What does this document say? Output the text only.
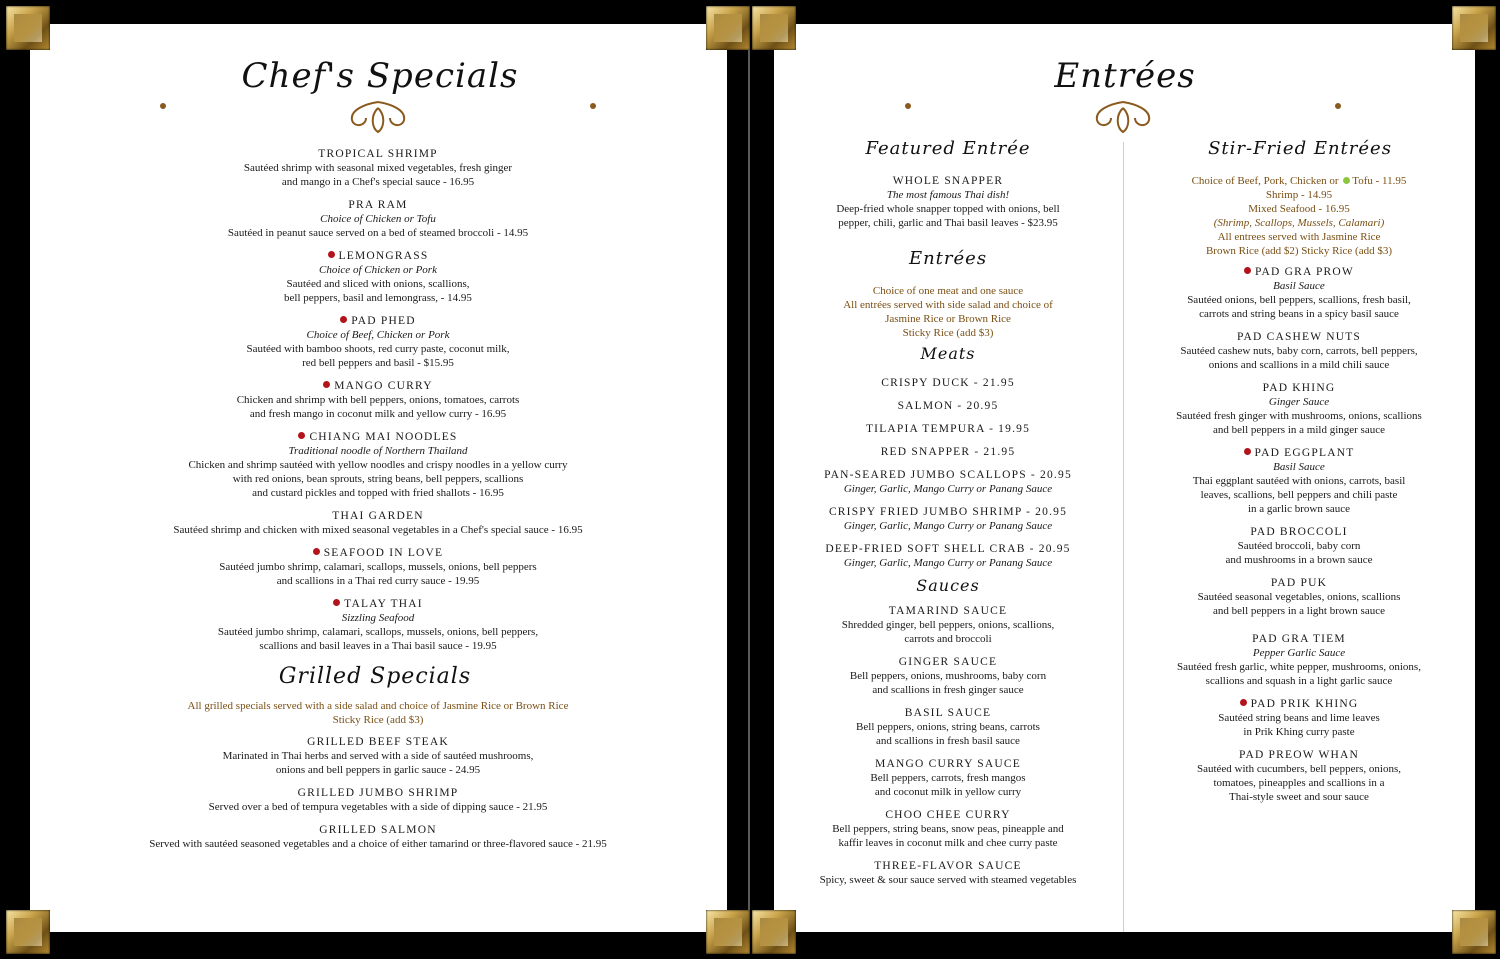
Chef's Specials
TROPICAL SHRIMP
Sautéed shrimp with seasonal mixed vegetables, fresh ginger
and mango in a Chef's special sauce - 16.95
PRA RAM
Choice of Chicken or Tofu
Sautéed in peanut sauce served on a bed of steamed broccoli - 14.95
LEMONGRASS
Choice of Chicken or Pork
Sautéed and sliced with onions, scallions,
bell peppers, basil and lemongrass, - 14.95
PAD PHED
Choice of Beef, Chicken or Pork
Sautéed with bamboo shoots, red curry paste, coconut milk,
red bell peppers and basil - $15.95
MANGO CURRY
Chicken and shrimp with bell peppers, onions, tomatoes, carrots
and fresh mango in coconut milk and yellow curry - 16.95
CHIANG MAI NOODLES
Traditional noodle of Northern Thailand
Chicken and shrimp sautéed with yellow noodles and crispy noodles in a yellow curry
with red onions, bean sprouts, string beans, bell peppers, scallions
and custard pickles and topped with fried shallots - 16.95
THAI GARDEN
Sautéed shrimp and chicken with mixed seasonal vegetables in a Chef's special sauce - 16.95
SEAFOOD IN LOVE
Sautéed jumbo shrimp, calamari, scallops, mussels, onions, bell peppers
and scallions in a Thai red curry sauce - 19.95
TALAY THAI
Sizzling Seafood
Sautéed jumbo shrimp, calamari, scallops, mussels, onions, bell peppers,
scallions and basil leaves in a Thai basil sauce - 19.95
Grilled Specials
All grilled specials served with a side salad and choice of Jasmine Rice or Brown Rice
Sticky Rice (add $3)
GRILLED BEEF STEAK
Marinated in Thai herbs and served with a side of sautéed mushrooms,
onions and bell peppers in garlic sauce - 24.95
GRILLED JUMBO SHRIMP
Served over a bed of tempura vegetables with a side of dipping sauce - 21.95
GRILLED SALMON
Served with sautéed seasoned vegetables and a choice of either tamarind or three-flavored sauce - 21.95
Entrées
Featured Entrée
WHOLE SNAPPER
The most famous Thai dish!
Deep-fried whole snapper topped with onions, bell
pepper, chili, garlic and Thai basil leaves - $23.95
Entrées
Choice of one meat and one sauce
All entrées served with side salad and choice of
Jasmine Rice or Brown Rice
Sticky Rice (add $3)
Meats
CRISPY DUCK - 21.95
SALMON - 20.95
TILAPIA TEMPURA - 19.95
RED SNAPPER - 21.95
PAN-SEARED JUMBO SCALLOPS - 20.95
Ginger, Garlic, Mango Curry or Panang Sauce
CRISPY FRIED JUMBO SHRIMP - 20.95
Ginger, Garlic, Mango Curry or Panang Sauce
DEEP-FRIED SOFT SHELL CRAB - 20.95
Ginger, Garlic, Mango Curry or Panang Sauce
Sauces
TAMARIND SAUCE
Shredded ginger, bell peppers, onions, scallions,
carrots and broccoli
GINGER SAUCE
Bell peppers, onions, mushrooms, baby corn
and scallions in fresh ginger sauce
BASIL SAUCE
Bell peppers, onions, string beans, carrots
and scallions in fresh basil sauce
MANGO CURRY SAUCE
Bell peppers, carrots, fresh mangos
and coconut milk in yellow curry
CHOO CHEE CURRY
Bell peppers, string beans, snow peas, pineapple and
kaffir leaves in coconut milk and chee curry paste
THREE-FLAVOR SAUCE
Spicy, sweet & sour sauce served with steamed vegetables
Stir-Fried Entrées
Choice of Beef, Pork, Chicken or Tofu - 11.95
Shrimp - 14.95
Mixed Seafood - 16.95
(Shrimp, Scallops, Mussels, Calamari)
All entrees served with Jasmine Rice
Brown Rice (add $2) Sticky Rice (add $3)
PAD GRA PROW
Basil Sauce
Sautéed onions, bell peppers, scallions, fresh basil,
carrots and string beans in a spicy basil sauce
PAD CASHEW NUTS
Sautéed cashew nuts, baby corn, carrots, bell peppers,
onions and scallions in a mild chili sauce
PAD KHING
Ginger Sauce
Sautéed fresh ginger with mushrooms, onions, scallions
and bell peppers in a mild ginger sauce
PAD EGGPLANT
Basil Sauce
Thai eggplant sautéed with onions, carrots, basil
leaves, scallions, bell peppers and chili paste
in a garlic brown sauce
PAD BROCCOLI
Sautéed broccoli, baby corn
and mushrooms in a brown sauce
PAD PUK
Sautéed seasonal vegetables, onions, scallions
and bell peppers in a light brown sauce
PAD GRA TIEM
Pepper Garlic Sauce
Sautéed fresh garlic, white pepper, mushrooms, onions,
scallions and squash in a light garlic sauce
PAD PRIK KHING
Sautéed string beans and lime leaves
in Prik Khing curry paste
PAD PREOW WHAN
Sautéed with cucumbers, bell peppers, onions,
tomatoes, pineapples and scallions in a
Thai-style sweet and sour sauce
